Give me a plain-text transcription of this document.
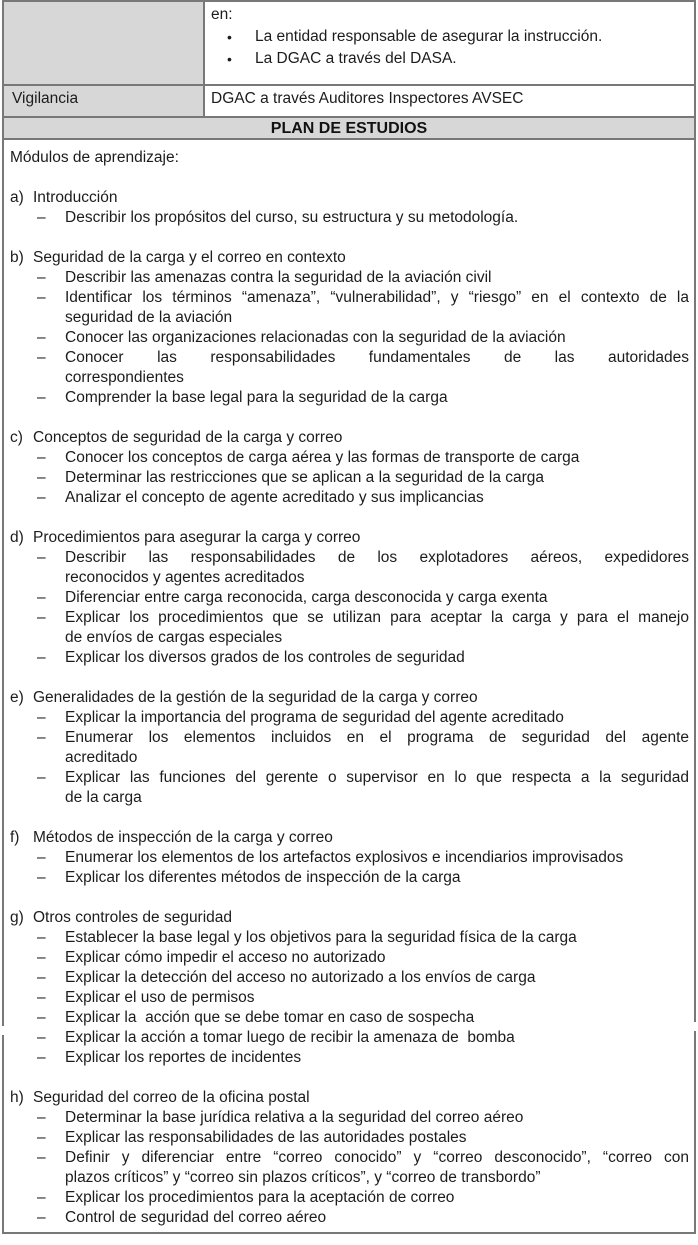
en:
•	La entidad responsable de asegurar la instrucción.
•	La DGAC a través del DASA.
Vigilancia	DGAC a través Auditores Inspectores AVSEC
PLAN DE ESTUDIOS
Módulos de aprendizaje:
a) Introducción
–	Describir los propósitos del curso, su estructura y su metodología.
b) Seguridad de la carga y el correo en contexto
–	Describir las amenazas contra la seguridad de la aviación civil
–	Identificar los términos “amenaza”, “vulnerabilidad”, y “riesgo” en el contexto de la
seguridad de la aviación
–	Conocer las organizaciones relacionadas con la seguridad de la aviación
–	Conocer las responsabilidades fundamentales de las autoridades
correspondientes
–	Comprender la base legal para la seguridad de la carga
c) Conceptos de seguridad de la carga y correo
–	Conocer los conceptos de carga aérea y las formas de transporte de carga
–	Determinar las restricciones que se aplican a la seguridad de la carga
–	Analizar el concepto de agente acreditado y sus implicancias
d) Procedimientos para asegurar la carga y correo
–	Describir las responsabilidades de los explotadores aéreos, expedidores
reconocidos y agentes acreditados
–	Diferenciar entre carga reconocida, carga desconocida y carga exenta
–	Explicar los procedimientos que se utilizan para aceptar la carga y para el manejo
de envíos de cargas especiales
–	Explicar los diversos grados de los controles de seguridad
e) Generalidades de la gestión de la seguridad de la carga y correo
–	Explicar la importancia del programa de seguridad del agente acreditado
–	Enumerar los elementos incluidos en el programa de seguridad del agente
acreditado
–	Explicar las funciones del gerente o supervisor en lo que respecta a la seguridad
de la carga
f) Métodos de inspección de la carga y correo
–	Enumerar los elementos de los artefactos explosivos e incendiarios improvisados
–	Explicar los diferentes métodos de inspección de la carga
g) Otros controles de seguridad
–	Establecer la base legal y los objetivos para la seguridad física de la carga
–	Explicar cómo impedir el acceso no autorizado
–	Explicar la detección del acceso no autorizado a los envíos de carga
–	Explicar el uso de permisos
–	Explicar la  acción que se debe tomar en caso de sospecha
–	Explicar la acción a tomar luego de recibir la amenaza de  bomba
–	Explicar los reportes de incidentes
h) Seguridad del correo de la oficina postal
–	Determinar la base jurídica relativa a la seguridad del correo aéreo
–	Explicar las responsabilidades de las autoridades postales
–	Definir y diferenciar entre “correo conocido” y “correo desconocido”, “correo con
plazos críticos” y “correo sin plazos críticos”, y “correo de transbordo”
–	Explicar los procedimientos para la aceptación de correo
–	Control de seguridad del correo aéreo
